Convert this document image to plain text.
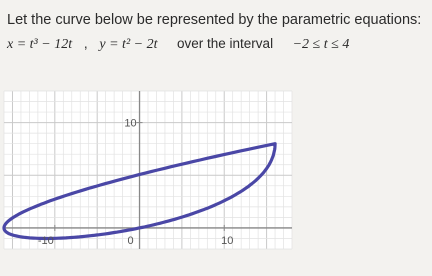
Let the curve below be represented by the parametric equations:

x = t³ − 12t , y = t² − 2t over the interval −2 ≤ t ≤ 4
-10	0	10
10
